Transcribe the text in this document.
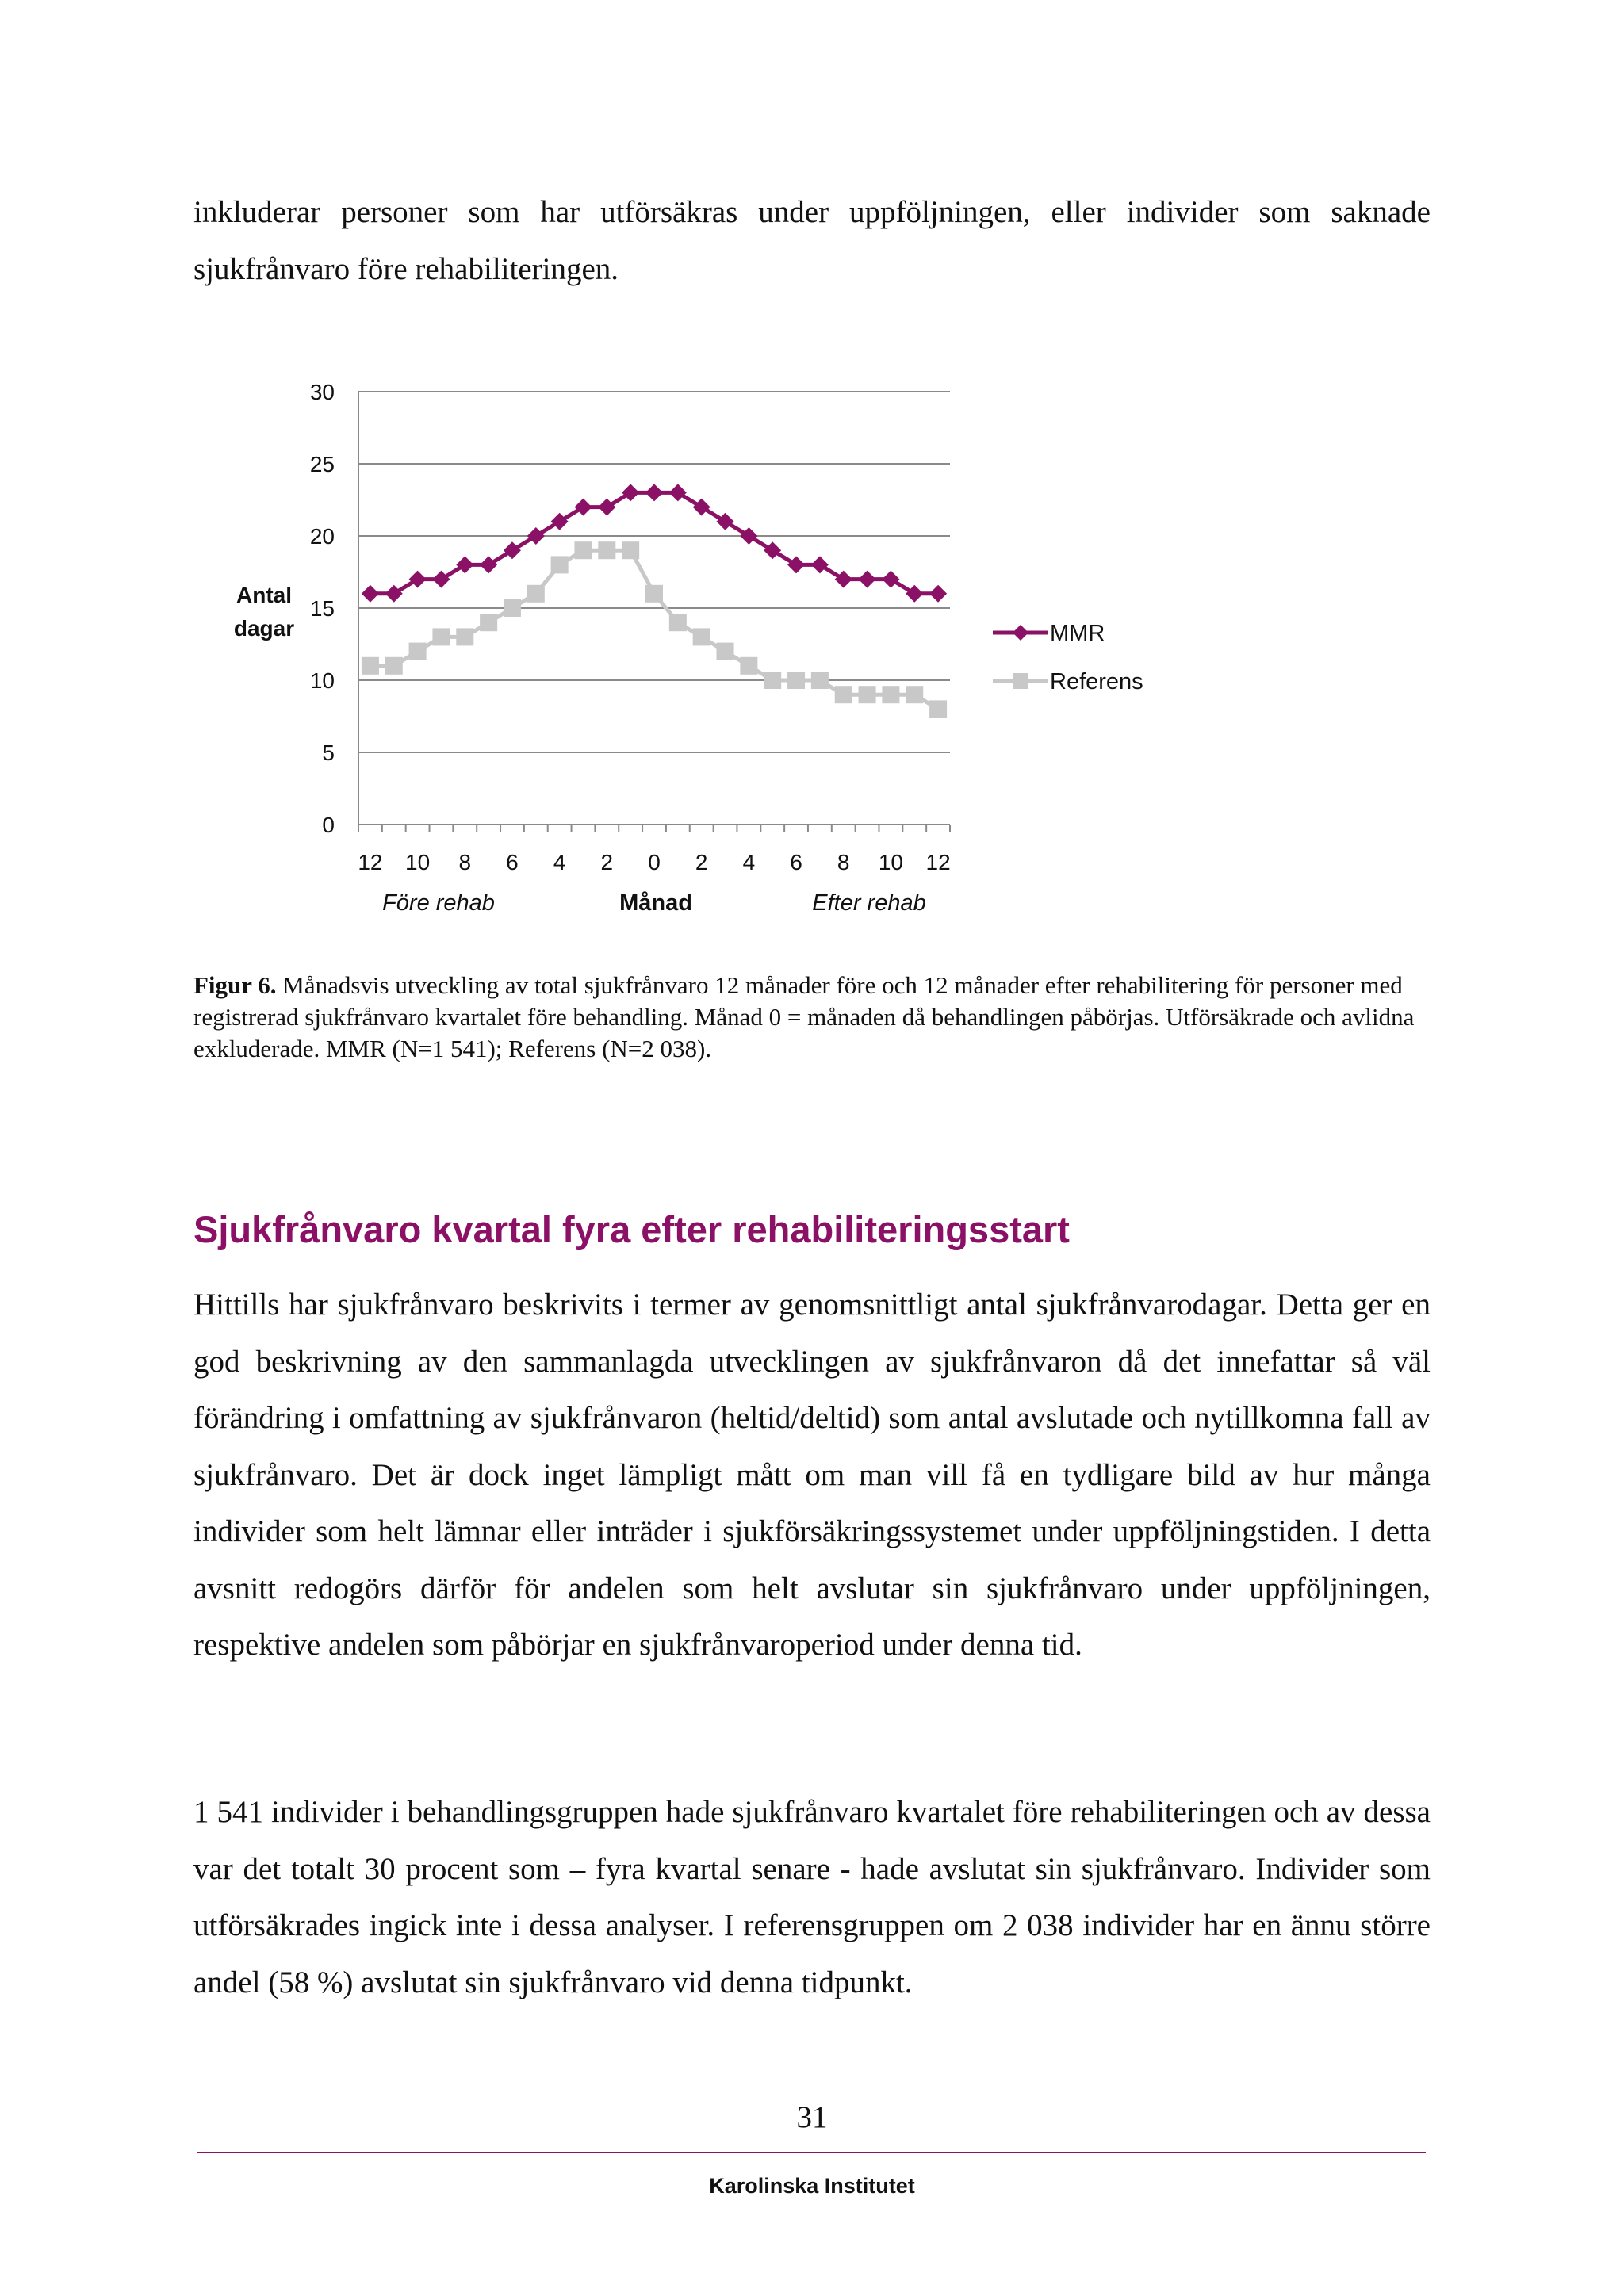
inkluderar personer som har utförsäkras under uppföljningen, eller individer som saknade sjukfrånvaro före rehabiliteringen.

0
5
10
15
20
25
30
12 10 8 6 4 2 0 2 4 6 8 10 12
Antal
dagar
Före rehab	Månad	Efter rehab
MMR
Referens
Figur 6. Månadsvis utveckling av total sjukfrånvaro 12 månader före och 12 månader efter rehabilitering för personer med registrerad sjukfrånvaro kvartalet före behandling. Månad 0 = månaden då behandlingen påbörjas. Utförsäkrade och avlidna exkluderade. MMR (N=1 541); Referens (N=2 038).
Sjukfrånvaro kvartal fyra efter rehabiliteringsstart

Hittills har sjukfrånvaro beskrivits i termer av genomsnittligt antal sjukfrånvarodagar. Detta ger en god beskrivning av den sammanlagda utvecklingen av sjukfrånvaron då det innefattar så väl förändring i omfattning av sjukfrånvaron (heltid/deltid) som antal avslutade och nytillkomna fall av sjukfrånvaro. Det är dock inget lämpligt mått om man vill få en tydligare bild av hur många individer som helt lämnar eller inträder i sjukförsäkringssystemet under uppföljningstiden. I detta avsnitt redogörs därför för andelen som helt avslutar sin sjukfrånvaro under uppföljningen, respektive andelen som påbörjar en sjukfrånvaroperiod under denna tid.

1 541 individer i behandlingsgruppen hade sjukfrånvaro kvartalet före rehabiliteringen och av dessa var det totalt 30 procent som – fyra kvartal senare - hade avslutat sin sjukfrånvaro. Individer som utförsäkrades ingick inte i dessa analyser. I referensgruppen om 2 038 individer har en ännu större andel (58 %) avslutat sin sjukfrånvaro vid denna tidpunkt.

31
Karolinska Institutet
